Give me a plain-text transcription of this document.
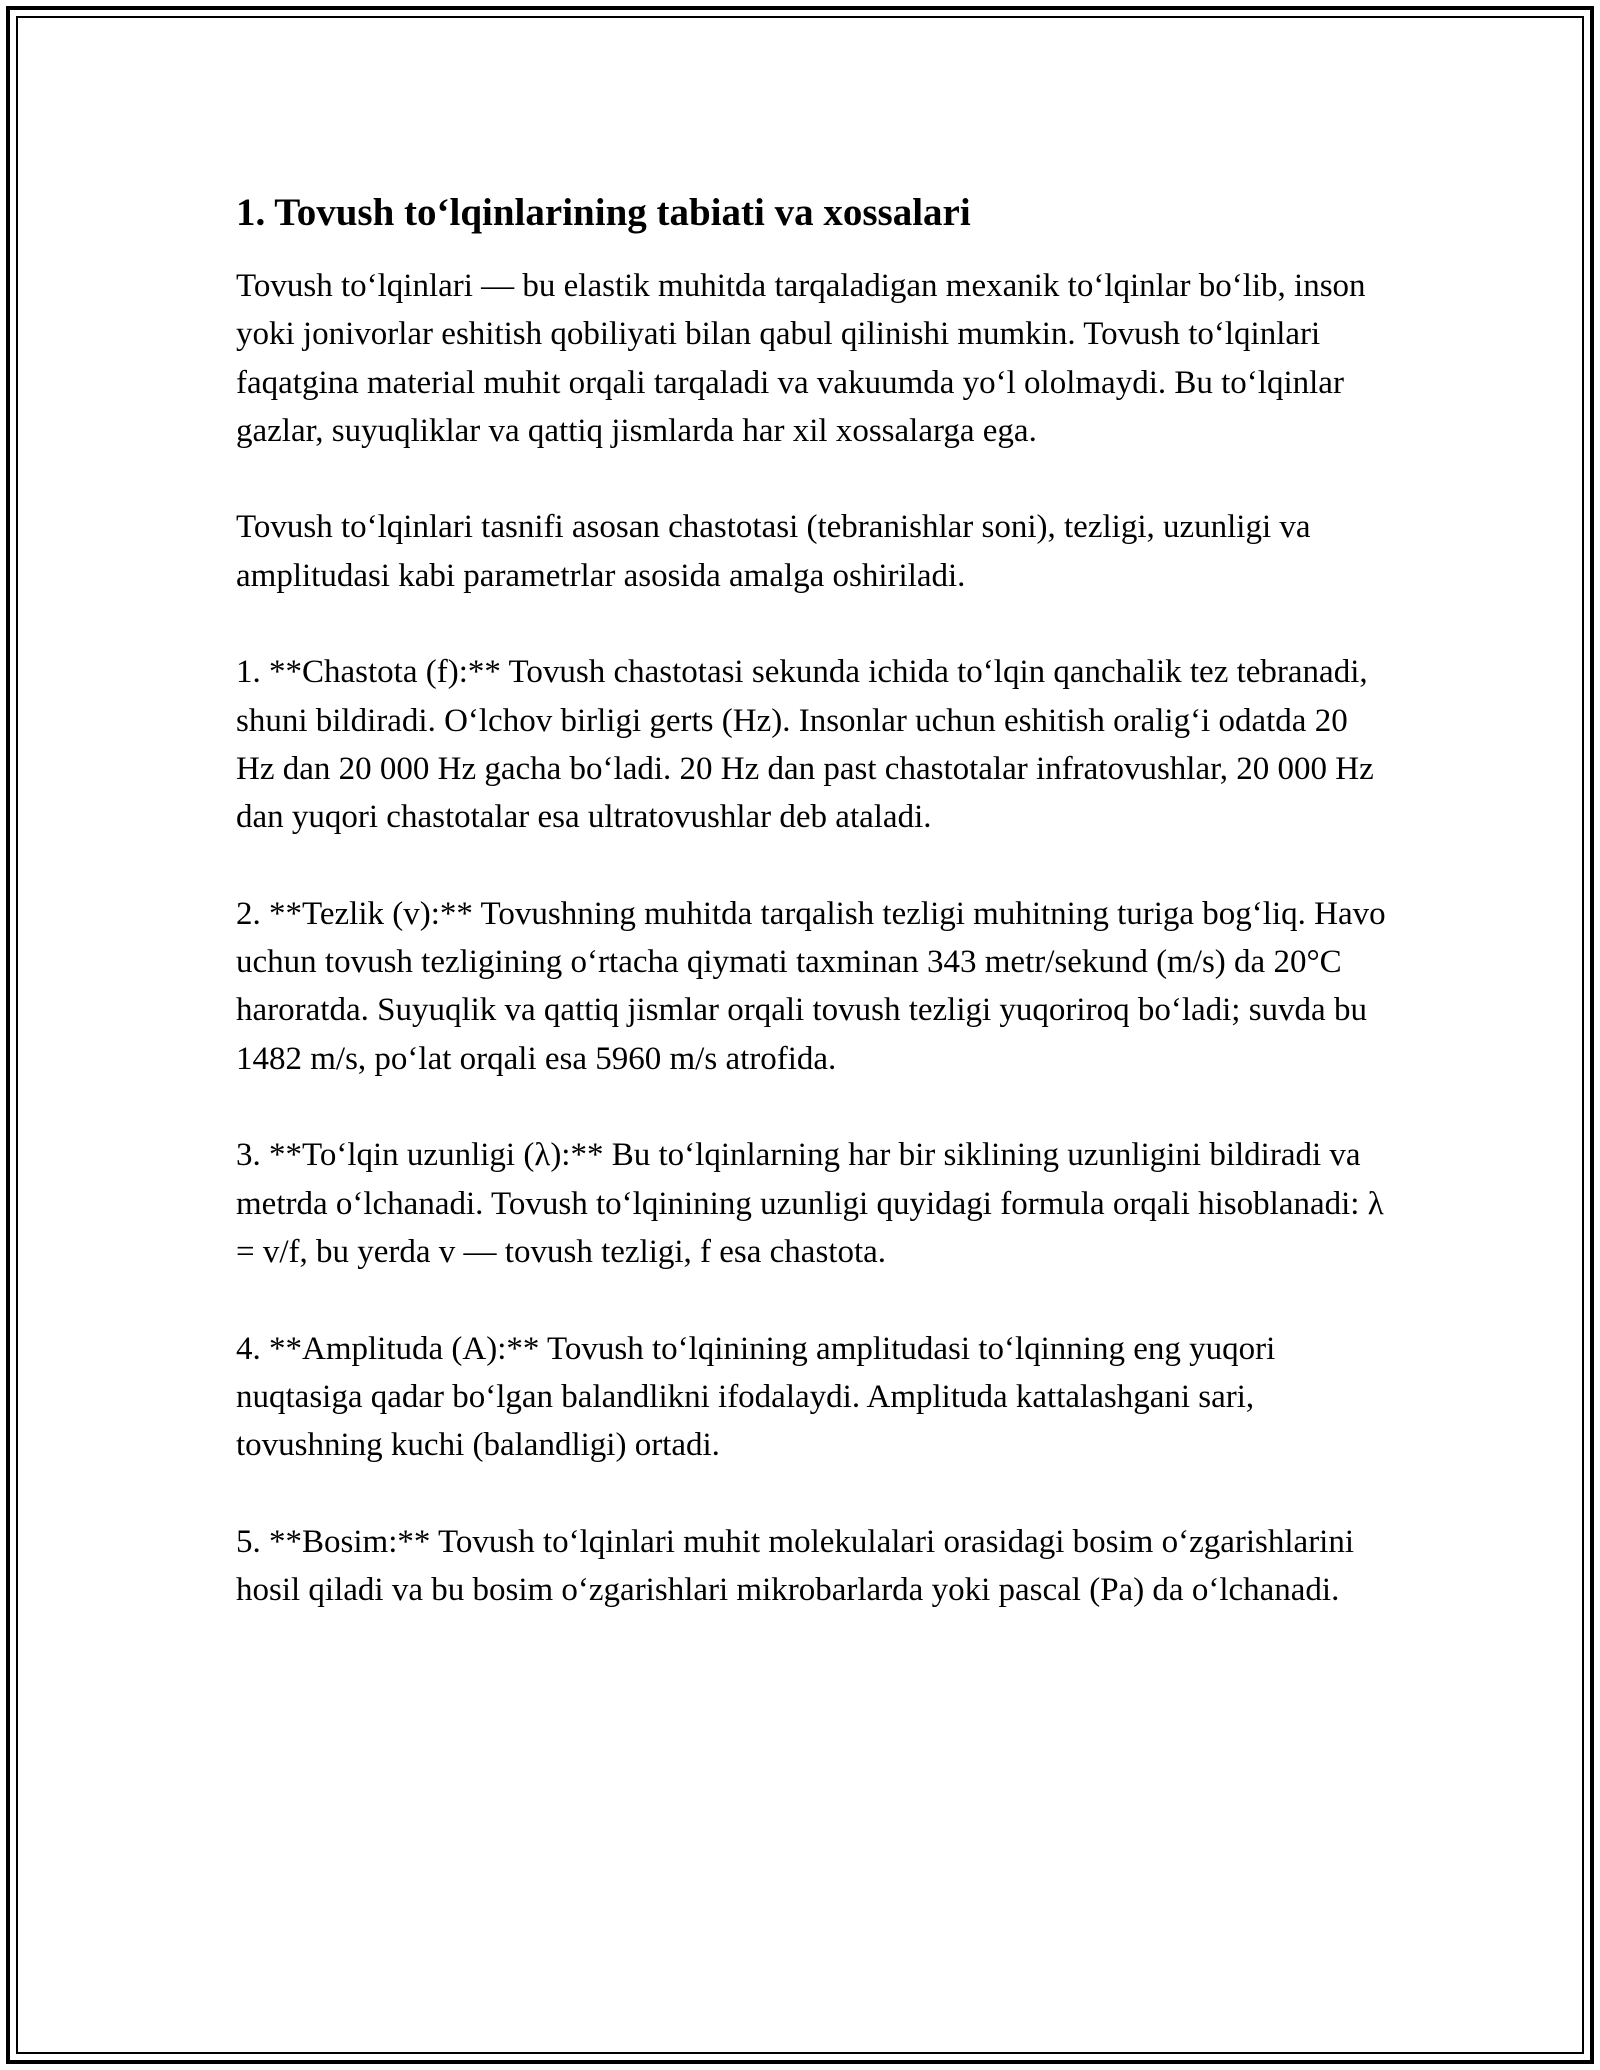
1. Tovush to‘lqinlarining tabiati va xossalari

Tovush to‘lqinlari — bu elastik muhitda tarqaladigan mexanik to‘lqinlar bo‘lib, inson yoki jonivorlar eshitish qobiliyati bilan qabul qilinishi mumkin. Tovush to‘lqinlari faqatgina material muhit orqali tarqaladi va vakuumda yo‘l ololmaydi. Bu to‘lqinlar gazlar, suyuqliklar va qattiq jismlarda har xil xossalarga ega.

Tovush to‘lqinlari tasnifi asosan chastotasi (tebranishlar soni), tezligi, uzunligi va amplitudasi kabi parametrlar asosida amalga oshiriladi.

1. **Chastota (f):** Tovush chastotasi sekunda ichida to‘lqin qanchalik tez tebranadi, shuni bildiradi. O‘lchov birligi gerts (Hz). Insonlar uchun eshitish oralig‘i odatda 20 Hz dan 20 000 Hz gacha bo‘ladi. 20 Hz dan past chastotalar infratovushlar, 20 000 Hz dan yuqori chastotalar esa ultratovushlar deb ataladi.

2. **Tezlik (v):** Tovushning muhitda tarqalish tezligi muhitning turiga bog‘liq. Havo uchun tovush tezligining o‘rtacha qiymati taxminan 343 metr/sekund (m/s) da 20°C haroratda. Suyuqlik va qattiq jismlar orqali tovush tezligi yuqoriroq bo‘ladi; suvda bu 1482 m/s, po‘lat orqali esa 5960 m/s atrofida.

3. **To‘lqin uzunligi (λ):** Bu to‘lqinlarning har bir siklining uzunligini bildiradi va metrda o‘lchanadi. Tovush to‘lqinining uzunligi quyidagi formula orqali hisoblanadi: λ = v/f, bu yerda v — tovush tezligi, f esa chastota.

4. **Amplituda (A):** Tovush to‘lqinining amplitudasi to‘lqinning eng yuqori nuqtasiga qadar bo‘lgan balandlikni ifodalaydi. Amplituda kattalashgani sari, tovushning kuchi (balandligi) ortadi.

5. **Bosim:** Tovush to‘lqinlari muhit molekulalari orasidagi bosim o‘zgarishlarini hosil qiladi va bu bosim o‘zgarishlari mikrobarlarda yoki pascal (Pa) da o‘lchanadi.
